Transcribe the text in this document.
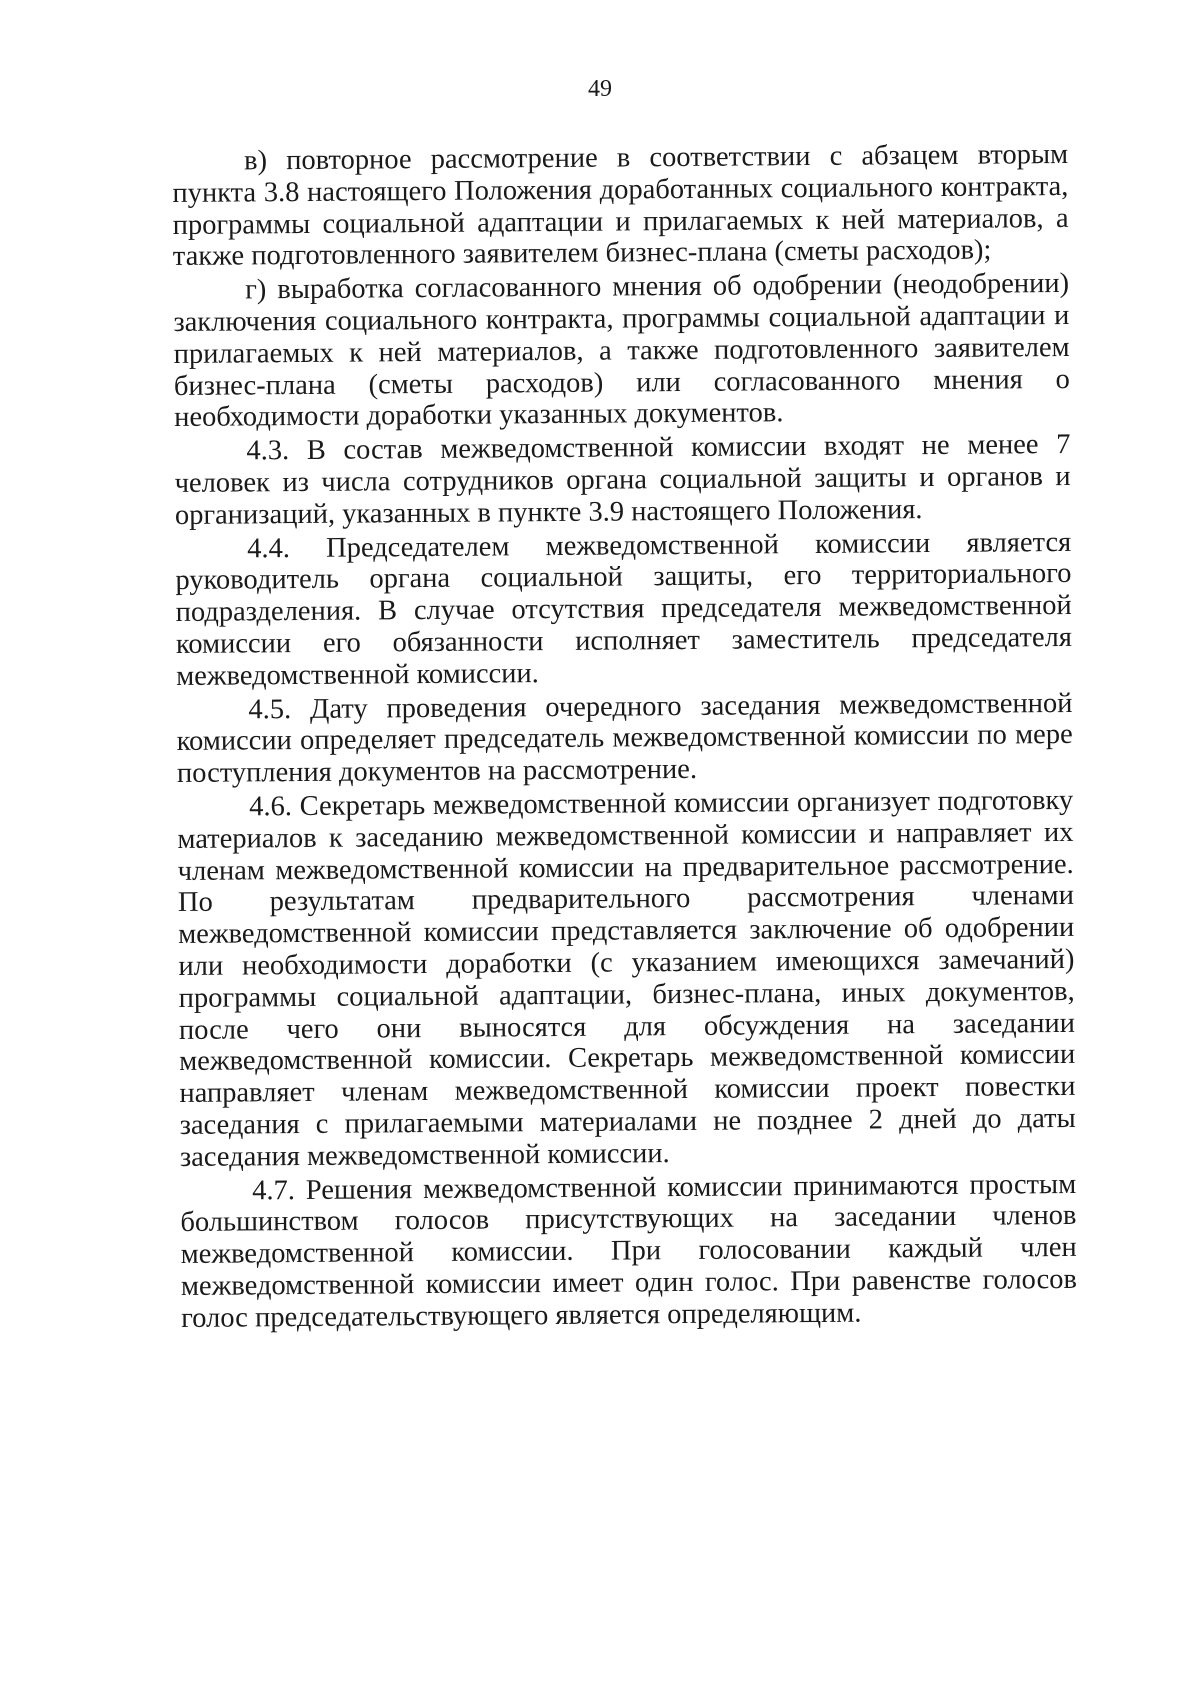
49

в) повторное рассмотрение в соответствии с абзацем вторым пункта 3.8 настоящего Положения доработанных социального контракта, программы социальной адаптации и прилагаемых к ней материалов, а также подготовленного заявителем бизнес-плана (сметы расходов);

г) выработка согласованного мнения об одобрении (неодобрении) заключения социального контракта, программы социальной адаптации и прилагаемых к ней материалов, а также подготовленного заявителем бизнес-плана (сметы расходов) или согласованного мнения о необходимости доработки указанных документов.

4.3. В состав межведомственной комиссии входят не менее 7 человек из числа сотрудников органа социальной защиты и органов и организаций, указанных в пункте 3.9 настоящего Положения.

4.4. Председателем межведомственной комиссии является руководитель органа социальной защиты, его территориального подразделения. В случае отсутствия председателя межведомственной комиссии его обязанности исполняет заместитель председателя межведомственной комиссии.

4.5. Дату проведения очередного заседания межведомственной комиссии определяет председатель межведомственной комиссии по мере поступления документов на рассмотрение.

4.6. Секретарь межведомственной комиссии организует подготовку материалов к заседанию межведомственной комиссии и направляет их членам межведомственной комиссии на предварительное рассмотрение. По результатам предварительного рассмотрения членами межведомственной комиссии представляется заключение об одобрении или необходимости доработки (с указанием имеющихся замечаний) программы социальной адаптации, бизнес-плана, иных документов, после чего они выносятся для обсуждения на заседании межведомственной комиссии. Секретарь межведомственной комиссии направляет членам межведомственной комиссии проект повестки заседания с прилагаемыми материалами не позднее 2 дней до даты заседания межведомственной комиссии.

4.7. Решения межведомственной комиссии принимаются простым большинством голосов присутствующих на заседании членов межведомственной комиссии. При голосовании каждый член межведомственной комиссии имеет один голос. При равенстве голосов голос председательствующего является определяющим.
